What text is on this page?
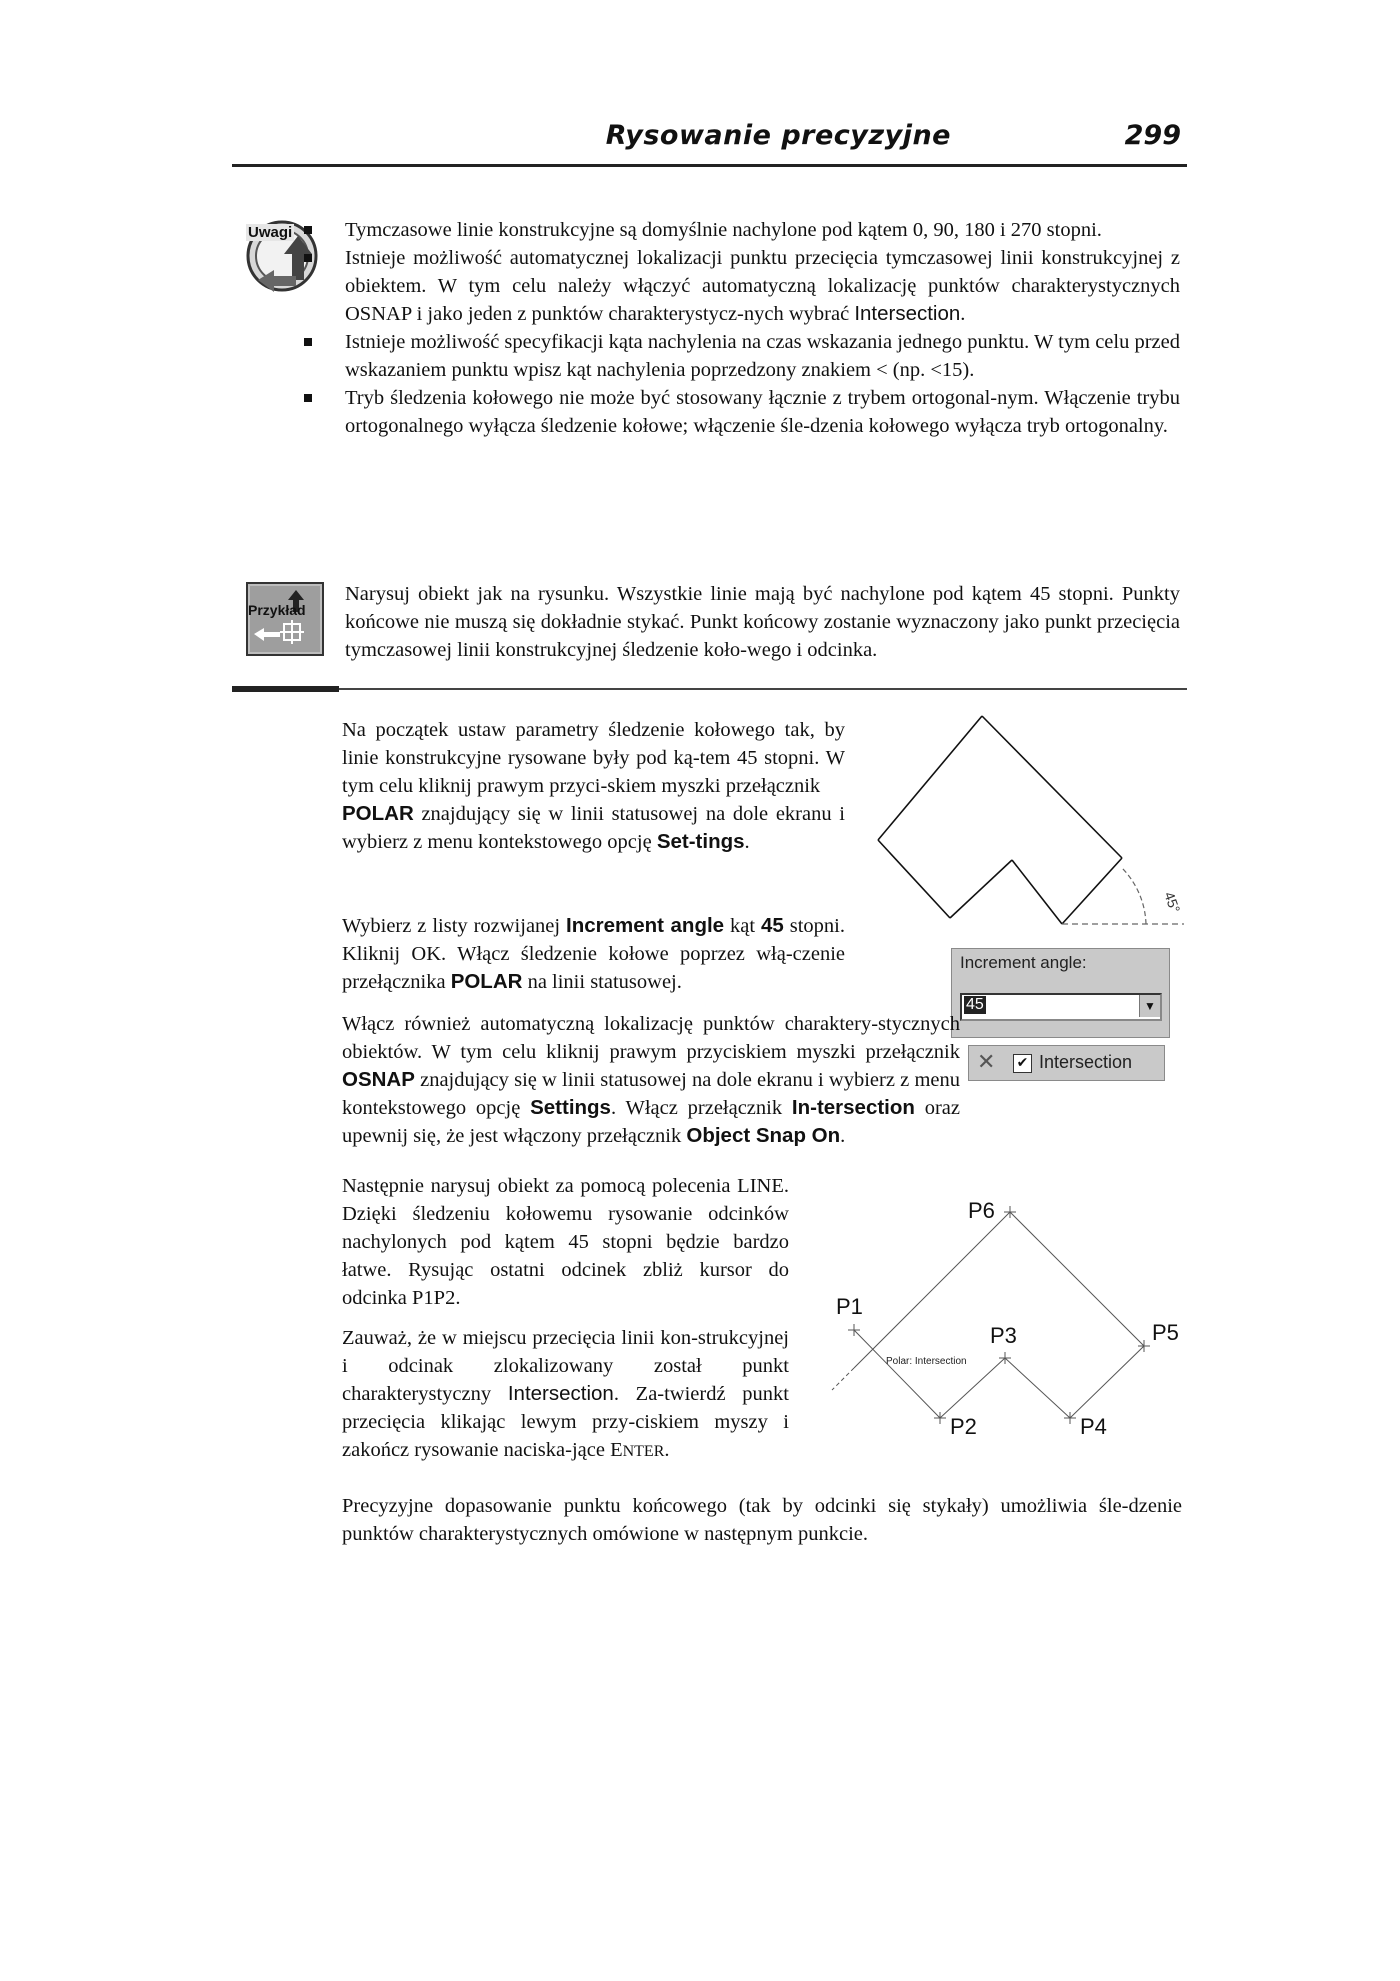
Rysowanie precyzyjne	299
Uwagi	Tymczasowe linie konstrukcyjne są domyślnie nachylone pod kątem 0, 90, 180 i 270 stopni.
Istnieje możliwość automatycznej lokalizacji punktu przecięcia tymczasowej linii konstrukcyjnej z obiektem. W tym celu należy włączyć automatyczną lokalizację punktów charakterystycznych OSNAP i jako jeden z punktów charakterystycz-nych wybrać Intersection.
Istnieje możliwość specyfikacji kąta nachylenia na czas wskazania jednego punktu. W tym celu przed wskazaniem punktu wpisz kąt nachylenia poprzedzony znakiem < (np. <15).
Tryb śledzenia kołowego nie może być stosowany łącznie z trybem ortogonal-nym. Włączenie trybu ortogonalnego wyłącza śledzenie kołowe; włączenie śle-dzenia kołowego wyłącza tryb ortogonalny.
Przykład
Narysuj obiekt jak na rysunku. Wszystkie linie mają być nachylone pod kątem 45 stopni. Punkty końcowe nie muszą się dokładnie stykać. Punkt końcowy zostanie wyznaczony jako punkt przecięcia tymczasowej linii konstrukcyjnej śledzenie koło-wego i odcinka.
Na początek ustaw parametry śledzenie kołowego tak, by linie konstrukcyjne rysowane były pod ką-tem 45 stopni. W tym celu kliknij prawym przyci-skiem myszki przełącznik
POLAR znajdujący się w linii statusowej na dole ekranu i wybierz z menu kontekstowego opcję Set-tings.
Wybierz z listy rozwijanej Increment angle kąt 45 stopni. Kliknij OK. Włącz śledzenie kołowe poprzez włą-czenie przełącznika POLAR na linii statusowej.
45°
Increment angle:
45	▼
✕ ✔ Intersection
Włącz również automatyczną lokalizację punktów charaktery-stycznych obiektów. W tym celu kliknij prawym przyciskiem myszki przełącznik OSNAP znajdujący się w linii statusowej na dole ekranu i wybierz z menu kontekstowego opcję Settings. Włącz przełącznik In-tersection oraz upewnij się, że jest włączony przełącznik Object Snap On.
Następnie narysuj obiekt za pomocą polecenia LINE. Dzięki śledzeniu kołowemu rysowanie odcinków nachylonych pod kątem 45 stopni będzie bardzo łatwe. Rysując ostatni odcinek zbliż kursor do odcinka P1P2.
Zauważ, że w miejscu przecięcia linii kon-strukcyjnej i odcinak zlokalizowany został punkt charakterystyczny Intersection. Za-twierdź punkt przecięcia klikając lewym przy-ciskiem myszy i zakończ rysowanie naciska-jące ENTER.
Precyzyjne dopasowanie punktu końcowego (tak by odcinki się stykały) umożliwia śle-dzenie punktów charakterystycznych omówione w następnym punkcie.
P1
P2
P3
P4
P5
P6
Polar: Intersection
